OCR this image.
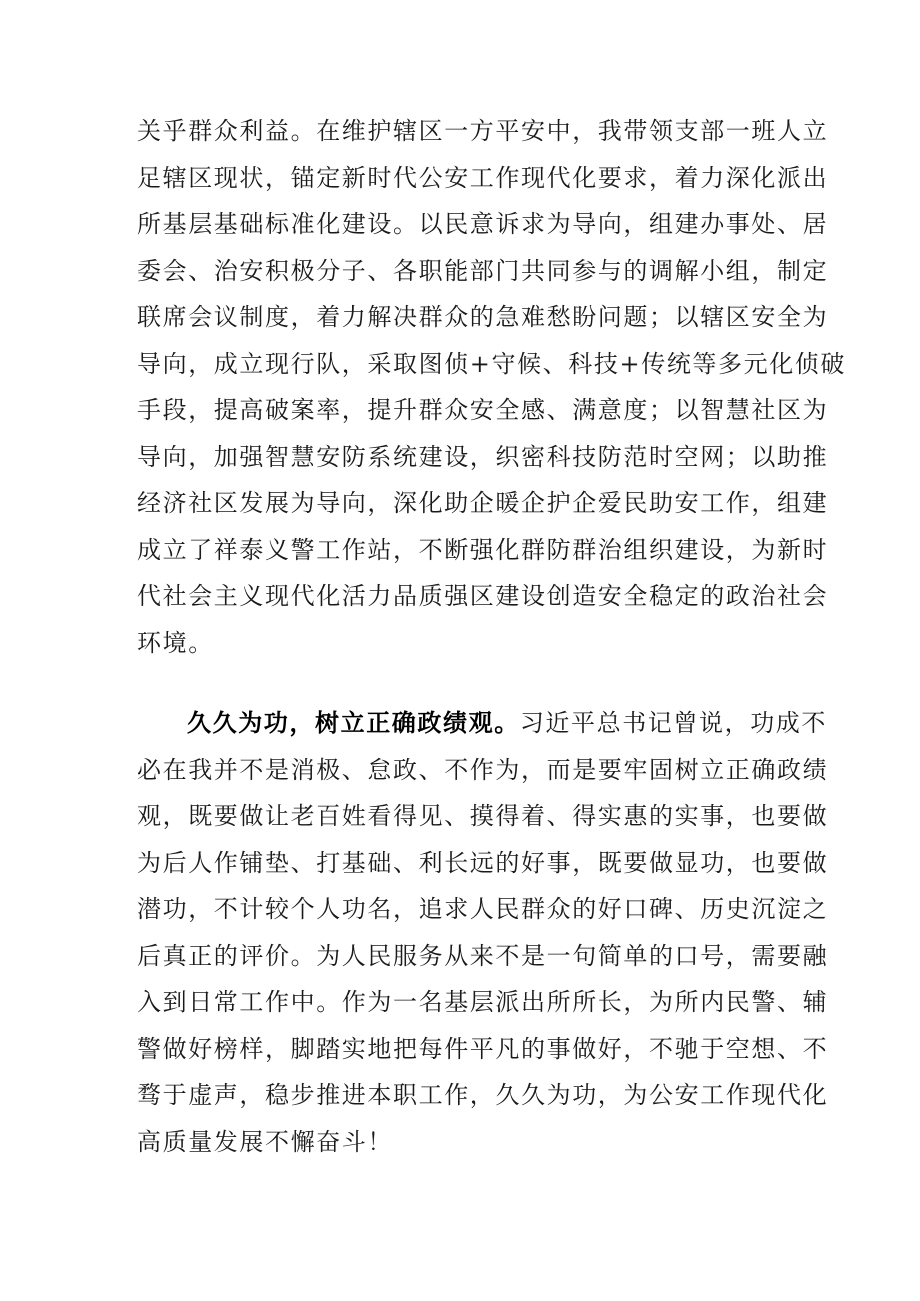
关乎群众利益。在维护辖区一方平安中，我带领支部一班人立
足辖区现状，锚定新时代公安工作现代化要求，着力深化派出
所基层基础标准化建设。以民意诉求为导向，组建办事处、居
委会、治安积极分子、各职能部门共同参与的调解小组，制定
联席会议制度，着力解决群众的急难愁盼问题；以辖区安全为
导向，成立现行队，采取图侦+守候、科技+传统等多元化侦破
手段，提高破案率，提升群众安全感、满意度；以智慧社区为
导向，加强智慧安防系统建设，织密科技防范时空网；以助推
经济社区发展为导向，深化助企暖企护企爱民助安工作，组建
成立了祥泰义警工作站，不断强化群防群治组织建设，为新时
代社会主义现代化活力品质强区建设创造安全稳定的政治社会
环境。

久久为功，树立正确政绩观。习近平总书记曾说，功成不
必在我并不是消极、怠政、不作为，而是要牢固树立正确政绩
观，既要做让老百姓看得见、摸得着、得实惠的实事，也要做
为后人作铺垫、打基础、利长远的好事，既要做显功，也要做
潜功，不计较个人功名，追求人民群众的好口碑、历史沉淀之
后真正的评价。为人民服务从来不是一句简单的口号，需要融
入到日常工作中。作为一名基层派出所所长，为所内民警、辅
警做好榜样，脚踏实地把每件平凡的事做好，不驰于空想、不
骛于虚声，稳步推进本职工作，久久为功，为公安工作现代化
高质量发展不懈奋斗！
